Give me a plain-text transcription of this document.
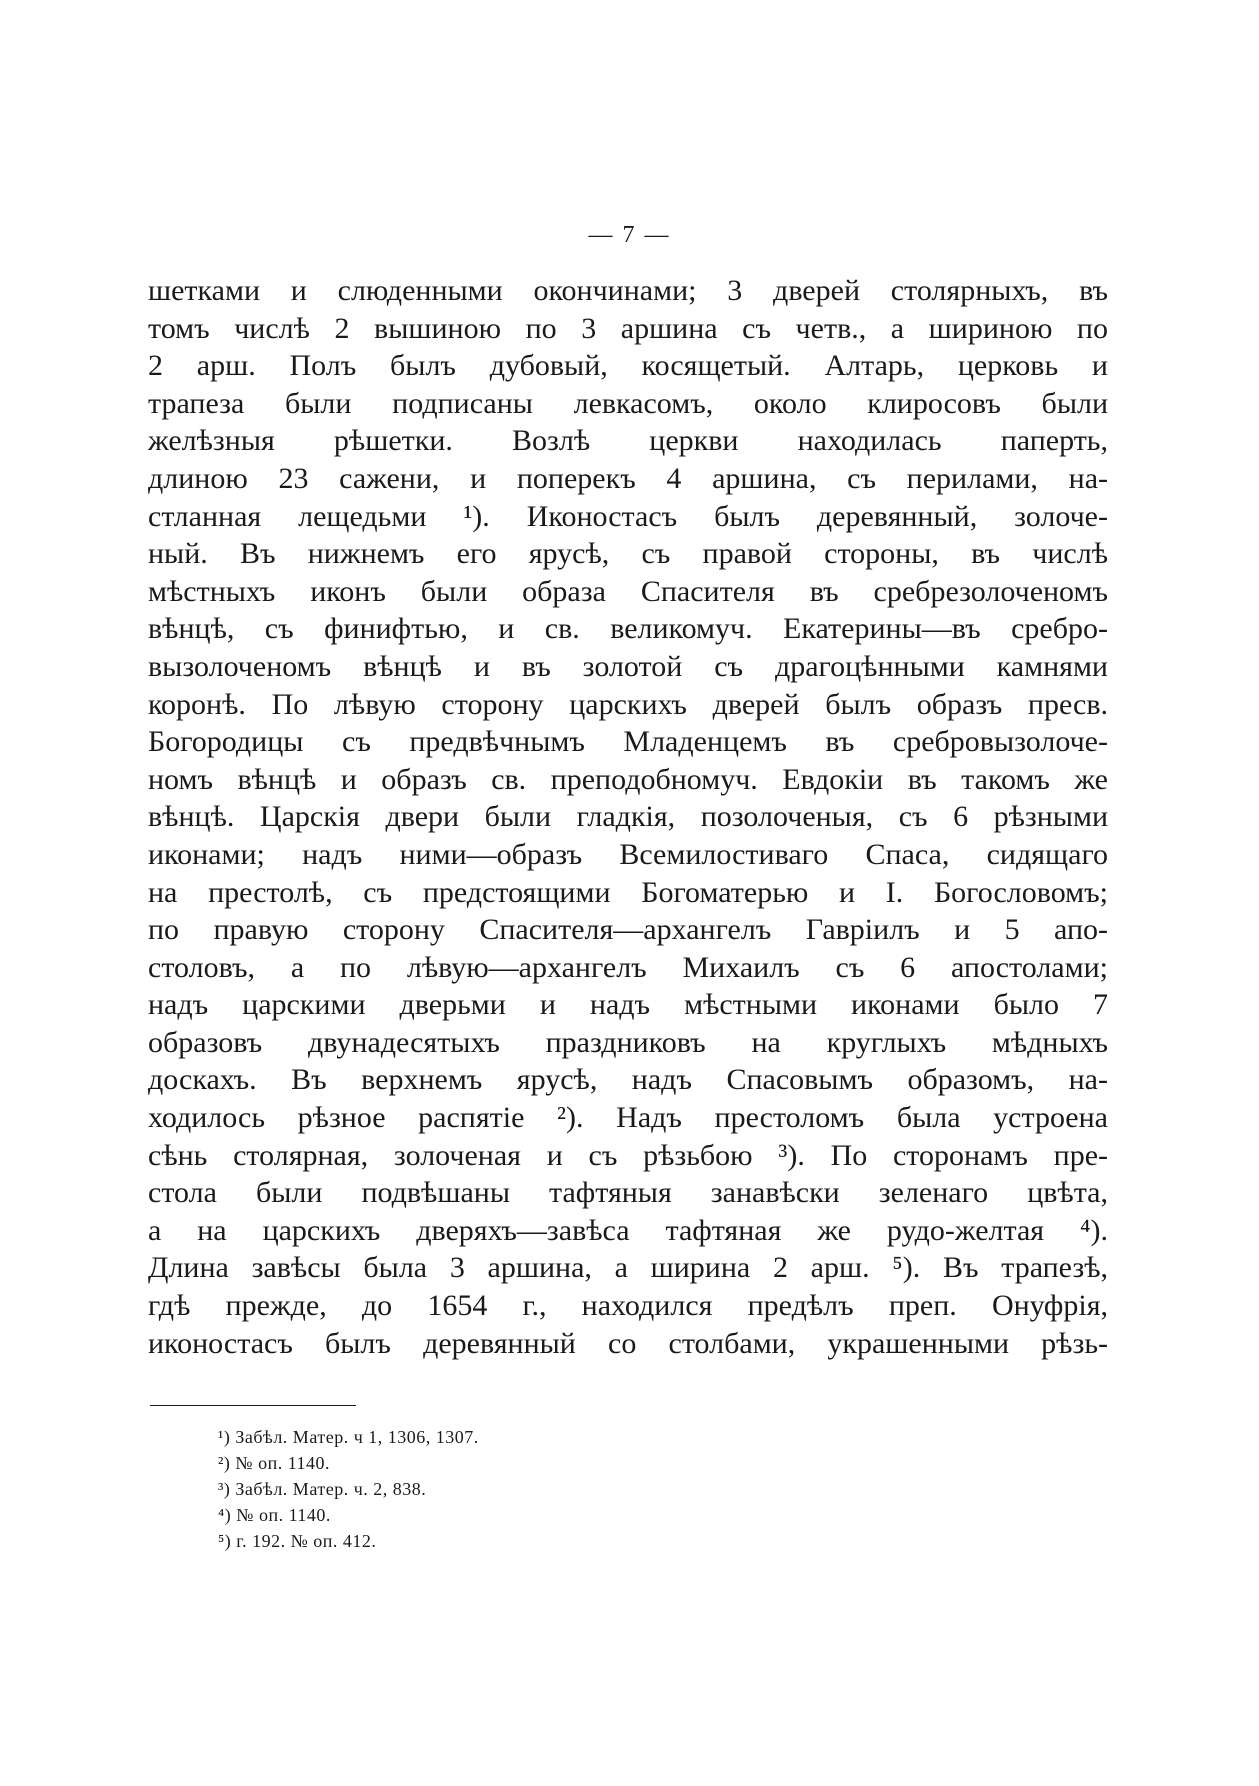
— 7 —
шетками и слюденными окончинами; 3 дверей столярныхъ, въ
томъ числѣ 2 вышиною по 3 аршина съ четв., а шириною по
2 арш. Полъ былъ дубовый, косящетый. Алтарь, церковь и
трапеза были подписаны левкасомъ, около клиросовъ были
желѣзныя рѣшетки. Возлѣ церкви находилась паперть,
длиною 23 сажени, и поперекъ 4 аршина, съ перилами, на-
стланная лещедьми ¹). Иконостасъ былъ деревянный, золоче-
ный. Въ нижнемъ его ярусѣ, съ правой стороны, въ числѣ
мѣстныхъ иконъ были образа Спасителя въ сребрезолоченомъ
вѣнцѣ, съ финифтью, и св. великомуч. Екатерины—въ сребро-
вызолоченомъ вѣнцѣ и въ золотой съ драгоцѣнными камнями
коронѣ. По лѣвую сторону царскихъ дверей былъ образъ пресв.
Богородицы съ предвѣчнымъ Младенцемъ въ сребровызолоче-
номъ вѣнцѣ и образъ св. преподобномуч. Евдокіи въ такомъ же
вѣнцѣ. Царскія двери были гладкія, позолоченыя, съ 6 рѣзными
иконами; надъ ними—образъ Всемилостиваго Спаса, сидящаго
на престолѣ, съ предстоящими Богоматерью и І. Богословомъ;
по правую сторону Спасителя—архангелъ Гавріилъ и 5 апо-
столовъ, а по лѣвую—архангелъ Михаилъ съ 6 апостолами;
надъ царскими дверьми и надъ мѣстными иконами было 7
образовъ двунадесятыхъ праздниковъ на круглыхъ мѣдныхъ
доскахъ. Въ верхнемъ ярусѣ, надъ Спасовымъ образомъ, на-
ходилось рѣзное распятіе ²). Надъ престоломъ была устроена
сѣнь столярная, золоченая и съ рѣзьбою ³). По сторонамъ пре-
стола были подвѣшаны тафтяныя занавѣски зеленаго цвѣта,
а на царскихъ дверяхъ—завѣса тафтяная же рудо-желтая ⁴).
Длина завѣсы была 3 аршина, а ширина 2 арш. ⁵). Въ трапезѣ,
гдѣ прежде, до 1654 г., находился предѣлъ преп. Онуфрія,
иконостасъ былъ деревянный со столбами, украшенными рѣзь-
¹) Забѣл. Матер. ч 1, 1306, 1307.
²) № оп. 1140.
³) Забѣл. Матер. ч. 2, 838.
⁴) № оп. 1140.
⁵) г. 192. № оп. 412.
